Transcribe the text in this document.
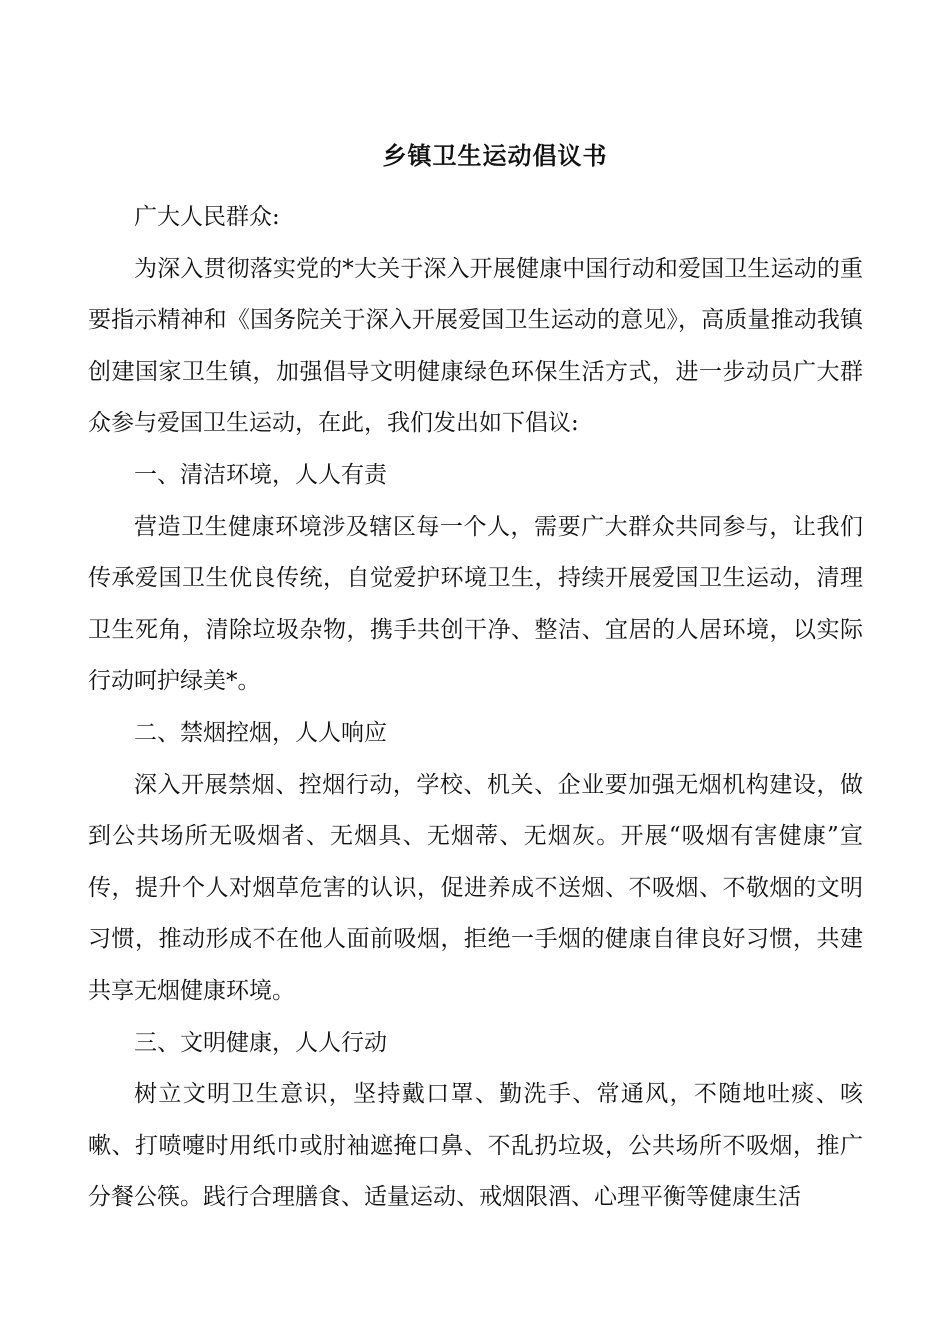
乡镇卫生运动倡议书

广大人民群众:

为深入贯彻落实党的*大关于深入开展健康中国行动和爱国卫生运动的重要指示精神和《国务院关于深入开展爱国卫生运动的意见》，高质量推动我镇创建国家卫生镇，加强倡导文明健康绿色环保生活方式，进一步动员广大群众参与爱国卫生运动，在此，我们发出如下倡议:

一、清洁环境，人人有责

营造卫生健康环境涉及辖区每一个人，需要广大群众共同参与，让我们传承爱国卫生优良传统，自觉爱护环境卫生，持续开展爱国卫生运动，清理卫生死角，清除垃圾杂物，携手共创干净、整洁、宜居的人居环境，以实际行动呵护绿美*。

二、禁烟控烟，人人响应

深入开展禁烟、控烟行动，学校、机关、企业要加强无烟机构建设，做到公共场所无吸烟者、无烟具、无烟蒂、无烟灰。开展“吸烟有害健康”宣传，提升个人对烟草危害的认识，促进养成不送烟、不吸烟、不敬烟的文明习惯，推动形成不在他人面前吸烟，拒绝一手烟的健康自律良好习惯，共建共享无烟健康环境。

三、文明健康，人人行动

树立文明卫生意识，坚持戴口罩、勤洗手、常通风，不随地吐痰、咳嗽、打喷嚏时用纸巾或肘袖遮掩口鼻、不乱扔垃圾，公共场所不吸烟，推广分餐公筷。践行合理膳食、适量运动、戒烟限酒、心理平衡等健康生活
